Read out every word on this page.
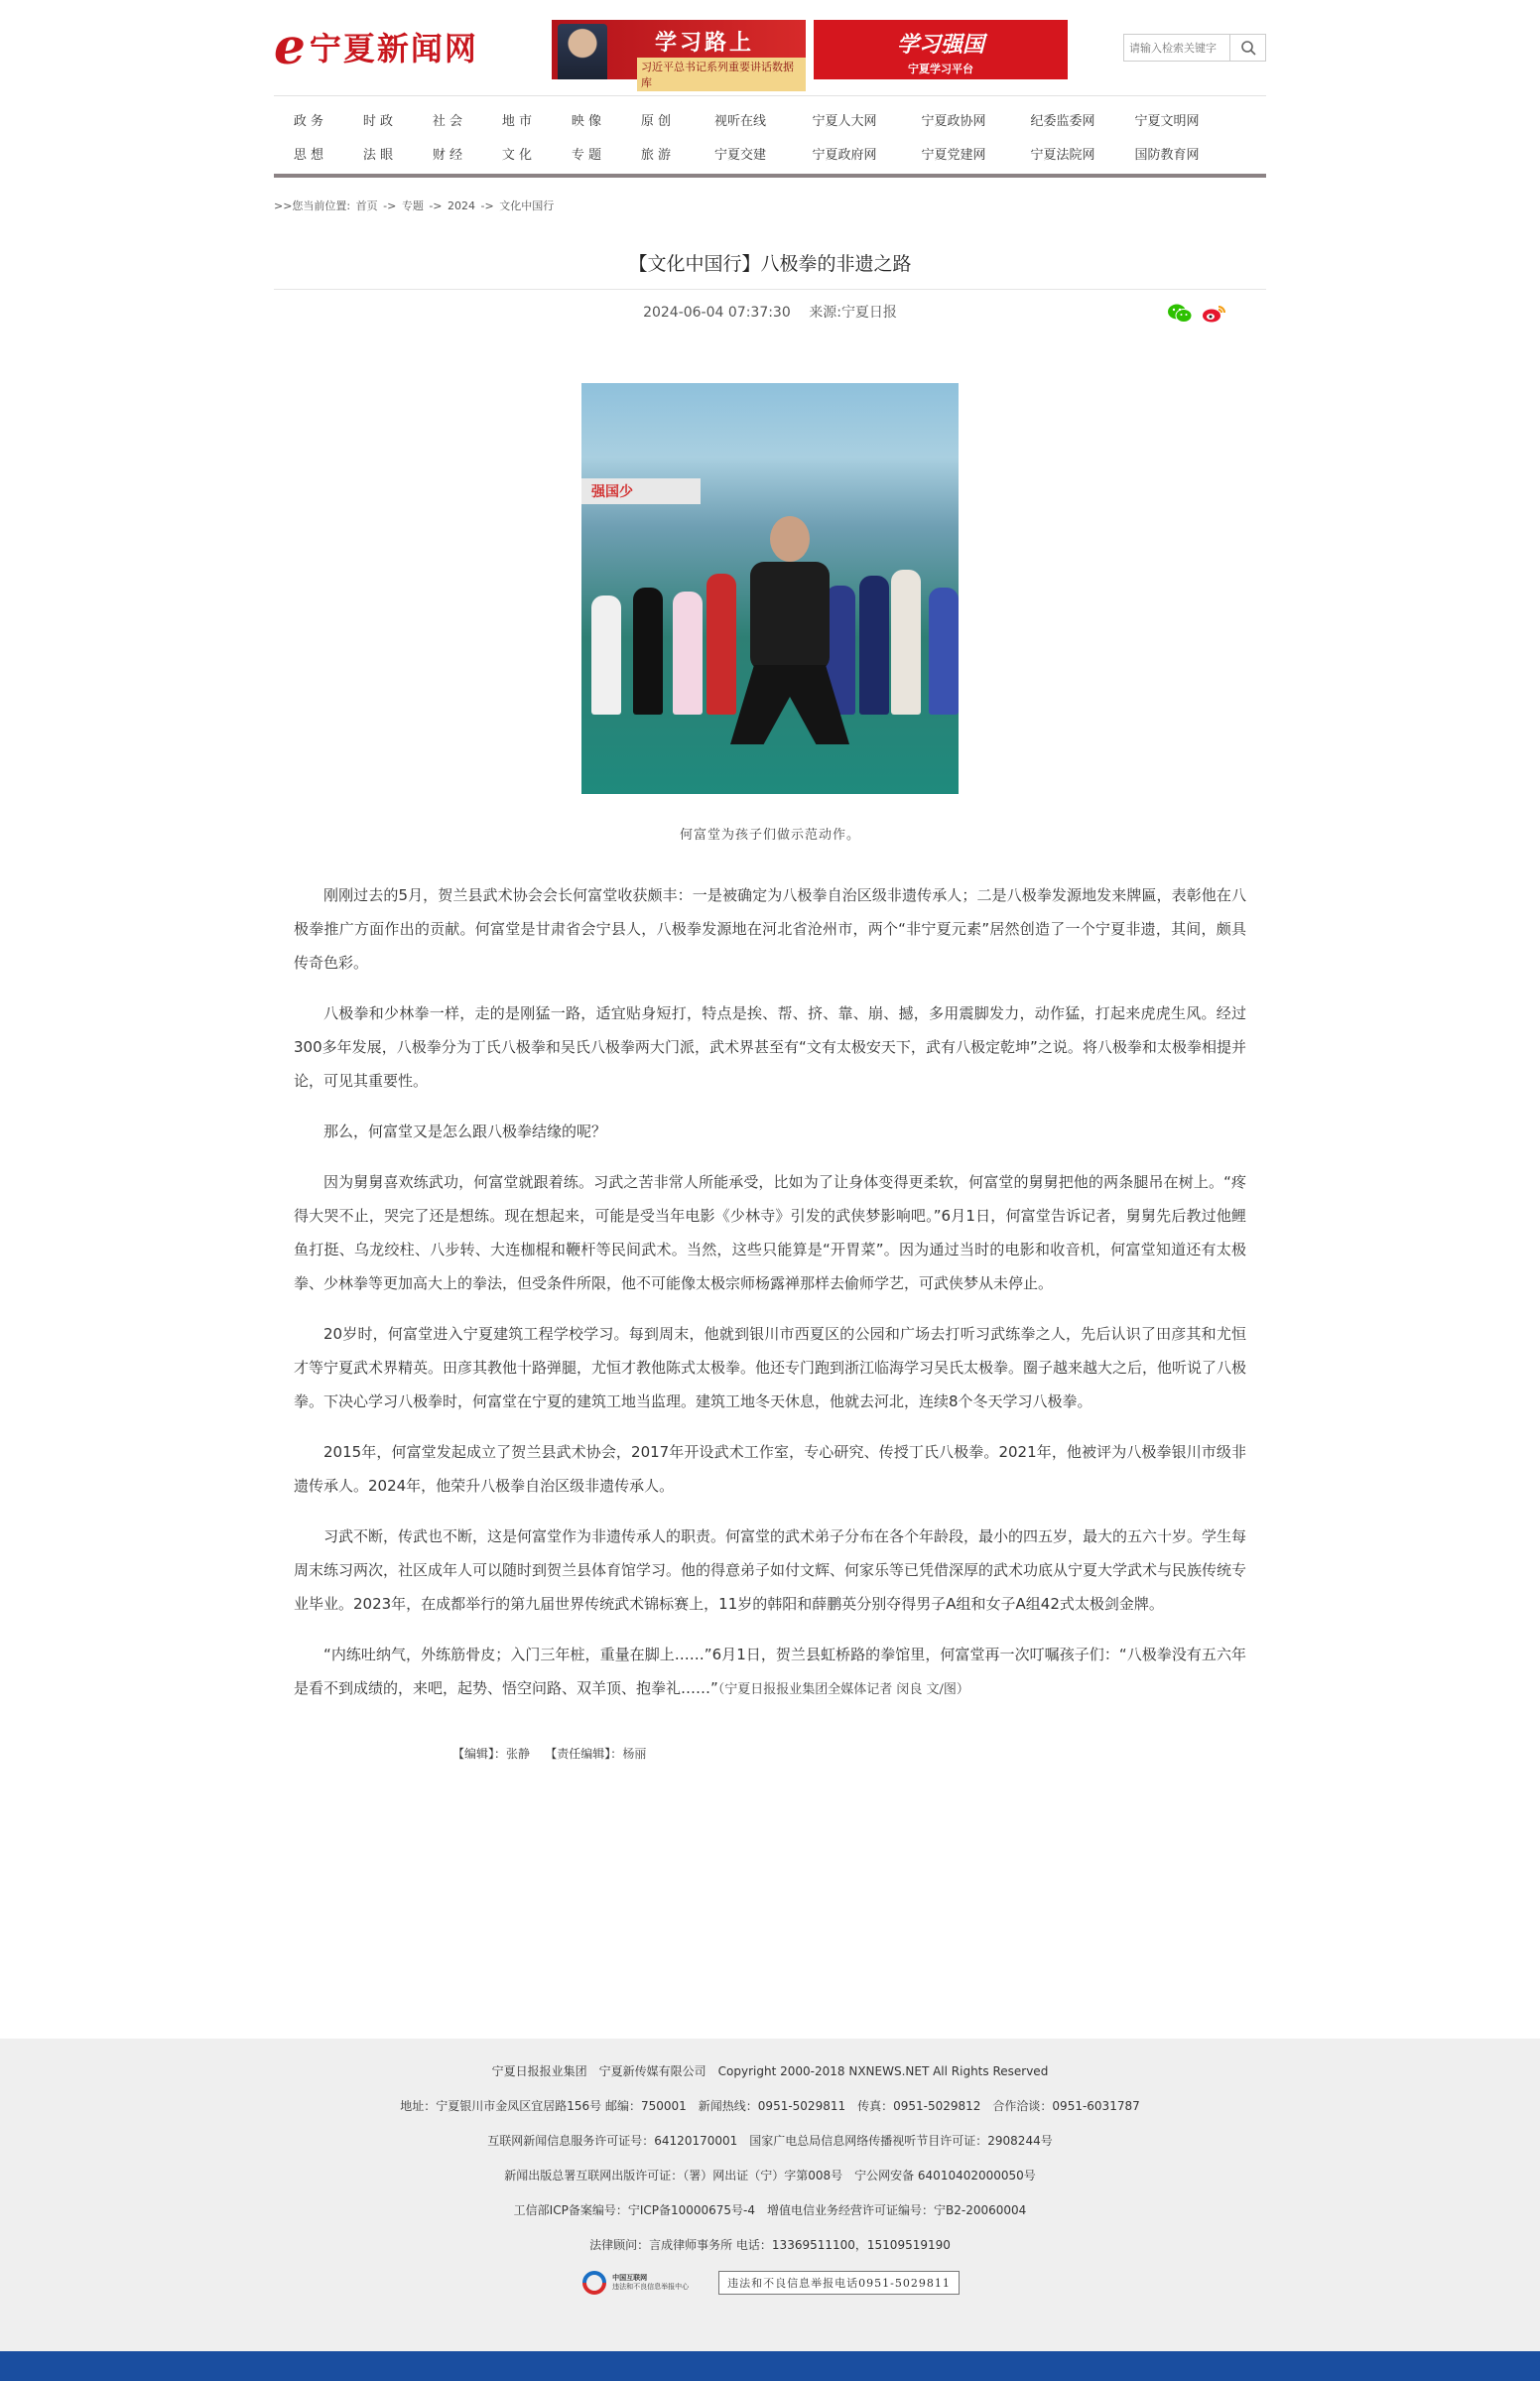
e 宁夏新闻网	学习路上
习近平总书记系列重要讲话数据库
学习强国
宁夏学习平台
请输入检索关键字
政 务	时 政	社 会	地 市	映 像	原 创	视听在线	宁夏人大网	宁夏政协网	纪委监委网	宁夏文明网
思 想	法 眼	财 经	文 化	专 题	旅 游	宁夏交建	宁夏政府网	宁夏党建网	宁夏法院网	国防教育网
>>您当前位置: 首页 -> 专题 -> 2024 -> 文化中国行
【文化中国行】八极拳的非遗之路
2024-06-04 07:37:30 来源:宁夏日报
强国少
何富堂为孩子们做示范动作。

刚刚过去的5月，贺兰县武术协会会长何富堂收获颇丰：一是被确定为八极拳自治区级非遗传承人；二是八极拳发源地发来牌匾，表彰他在八极拳推广方面作出的贡献。何富堂是甘肃省会宁县人，八极拳发源地在河北省沧州市，两个“非宁夏元素”居然创造了一个宁夏非遗，其间，颇具传奇色彩。

八极拳和少林拳一样，走的是刚猛一路，适宜贴身短打，特点是挨、帮、挤、靠、崩、撼，多用震脚发力，动作猛，打起来虎虎生风。经过300多年发展，八极拳分为丁氏八极拳和吴氏八极拳两大门派，武术界甚至有“文有太极安天下，武有八极定乾坤”之说。将八极拳和太极拳相提并论，可见其重要性。

那么，何富堂又是怎么跟八极拳结缘的呢？

因为舅舅喜欢练武功，何富堂就跟着练。习武之苦非常人所能承受，比如为了让身体变得更柔软，何富堂的舅舅把他的两条腿吊在树上。“疼得大哭不止，哭完了还是想练。现在想起来，可能是受当年电影《少林寺》引发的武侠梦影响吧。”6月1日，何富堂告诉记者，舅舅先后教过他鲤鱼打挺、乌龙绞柱、八步转、大连枷棍和鞭杆等民间武术。当然，这些只能算是“开胃菜”。因为通过当时的电影和收音机，何富堂知道还有太极拳、少林拳等更加高大上的拳法，但受条件所限，他不可能像太极宗师杨露禅那样去偷师学艺，可武侠梦从未停止。

20岁时，何富堂进入宁夏建筑工程学校学习。每到周末，他就到银川市西夏区的公园和广场去打听习武练拳之人，先后认识了田彦其和尤恒才等宁夏武术界精英。田彦其教他十路弹腿，尤恒才教他陈式太极拳。他还专门跑到浙江临海学习吴氏太极拳。圈子越来越大之后，他听说了八极拳。下决心学习八极拳时，何富堂在宁夏的建筑工地当监理。建筑工地冬天休息，他就去河北，连续8个冬天学习八极拳。

2015年，何富堂发起成立了贺兰县武术协会，2017年开设武术工作室，专心研究、传授丁氏八极拳。2021年，他被评为八极拳银川市级非遗传承人。2024年，他荣升八极拳自治区级非遗传承人。

习武不断，传武也不断，这是何富堂作为非遗传承人的职责。何富堂的武术弟子分布在各个年龄段，最小的四五岁，最大的五六十岁。学生每周末练习两次，社区成年人可以随时到贺兰县体育馆学习。他的得意弟子如付文辉、何家乐等已凭借深厚的武术功底从宁夏大学武术与民族传统专业毕业。2023年，在成都举行的第九届世界传统武术锦标赛上，11岁的韩阳和薛鹏英分别夺得男子A组和女子A组42式太极剑金牌。

“内练吐纳气，外练筋骨皮；入门三年桩，重量在脚上……”6月1日，贺兰县虹桥路的拳馆里，何富堂再一次叮嘱孩子们：“八极拳没有五六年是看不到成绩的，来吧，起势、悟空问路、双羊顶、抱拳礼……”（宁夏日报报业集团全媒体记者 闵良 文/图）

【编辑】：张静 【责任编辑】：杨丽
宁夏日报报业集团　宁夏新传媒有限公司　Copyright 2000-2018 NXNEWS.NET All Rights Reserved
地址：宁夏银川市金凤区宜居路156号 邮编：750001　新闻热线：0951-5029811　传真：0951-5029812　合作洽谈：0951-6031787
互联网新闻信息服务许可证号：64120170001　国家广电总局信息网络传播视听节目许可证：2908244号
新闻出版总署互联网出版许可证：（署）网出证（宁）字第008号　宁公网安备 64010402000050号
工信部ICP备案编号：宁ICP备10000675号-4　增值电信业务经营许可证编号：宁B2-20060004
法律顾问：言成律师事务所 电话：13369511100，15109519190
中国互联网
违法和不良信息举报中心	违法和不良信息举报电话0951-5029811
